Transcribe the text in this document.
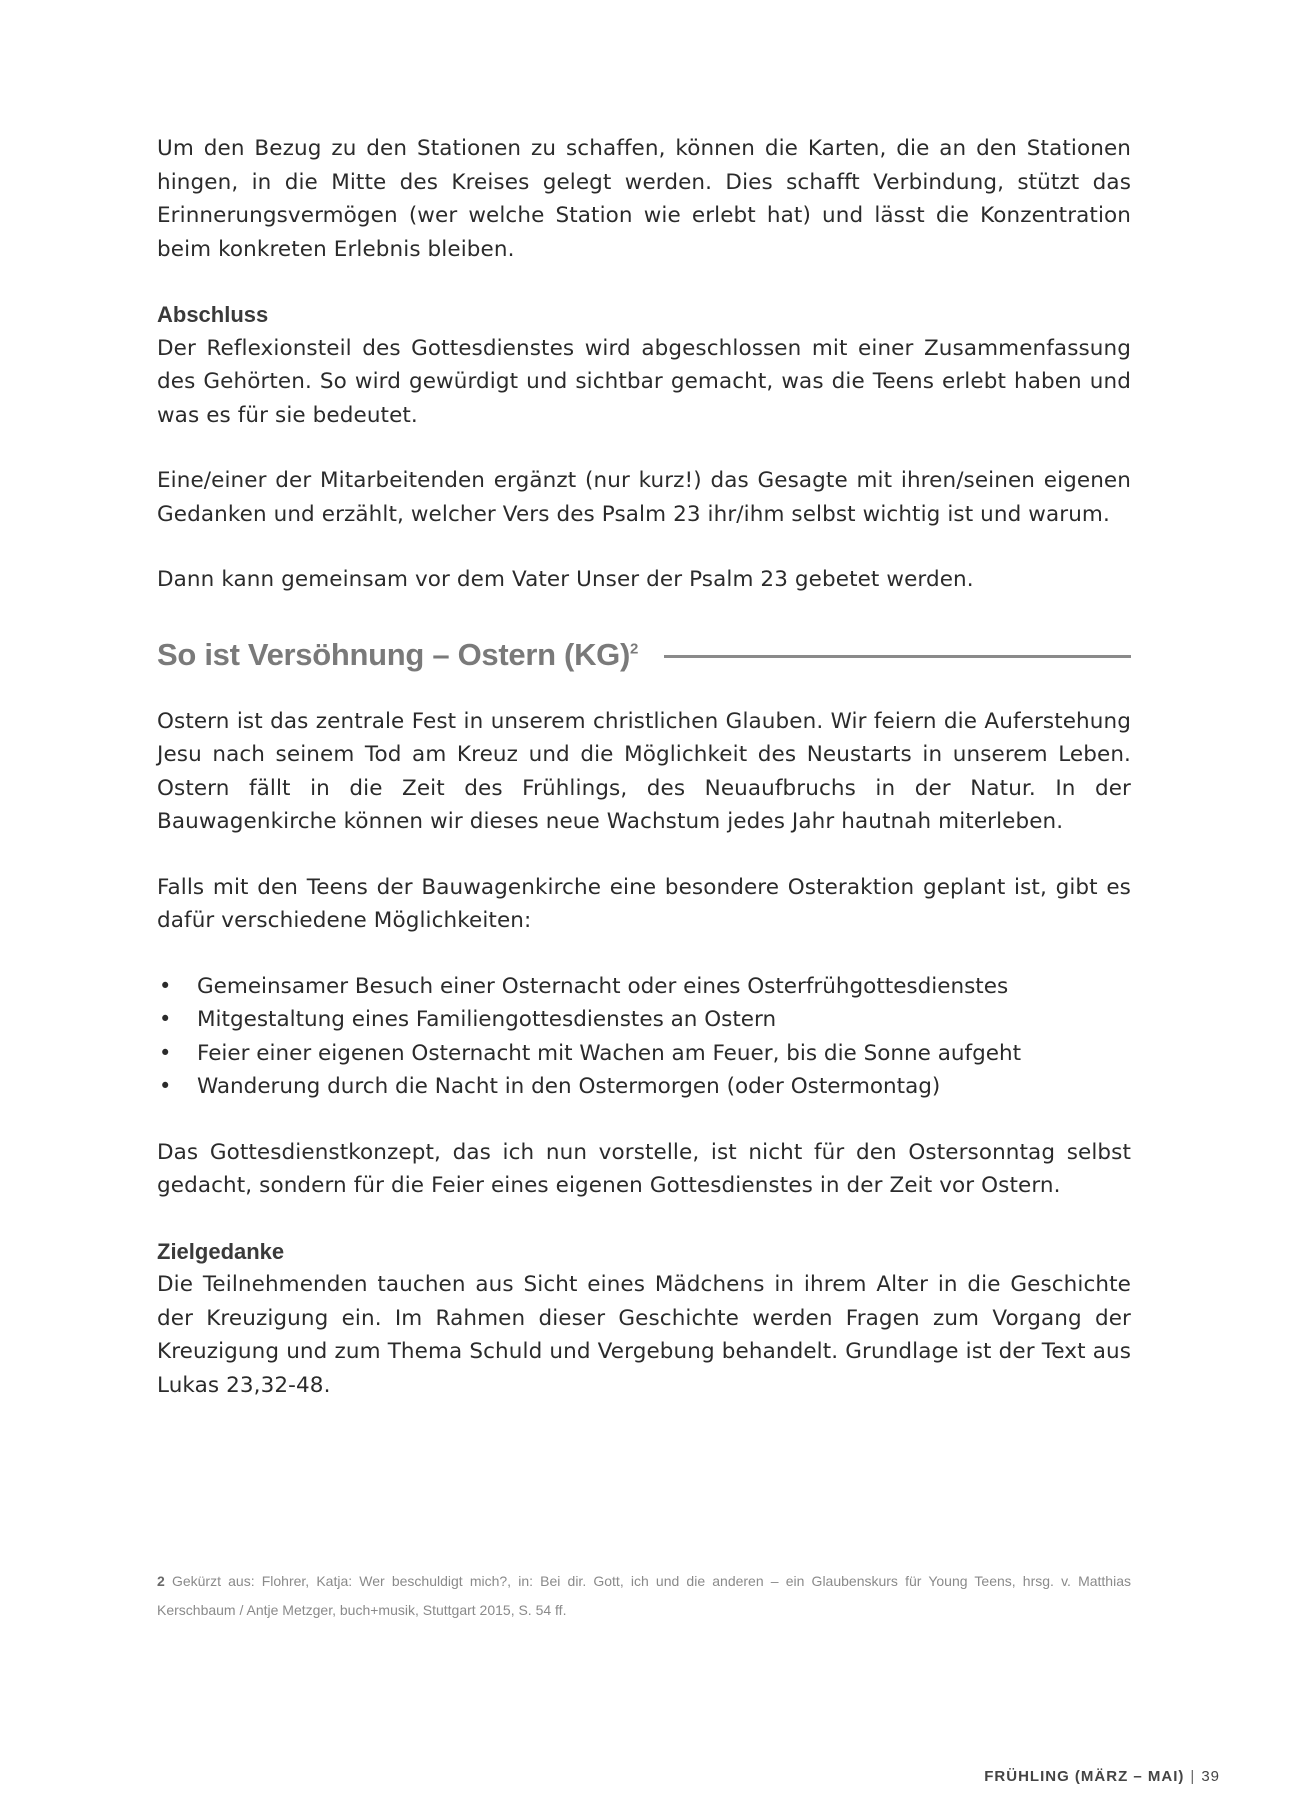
Um den Bezug zu den Stationen zu schaffen, können die Karten, die an den Stationen hingen, in die Mitte des Kreises gelegt werden. Dies schafft Verbindung, stützt das Erinnerungsvermögen (wer welche Station wie erlebt hat) und lässt die Konzentration beim konkreten Erlebnis bleiben.

Abschluss

Der Reflexionsteil des Gottesdienstes wird abgeschlossen mit einer Zusammenfassung des Gehörten. So wird gewürdigt und sichtbar gemacht, was die Teens erlebt haben und was es für sie bedeutet.

Eine/einer der Mitarbeitenden ergänzt (nur kurz!) das Gesagte mit ihren/seinen eigenen Gedanken und erzählt, welcher Vers des Psalm 23 ihr/ihm selbst wichtig ist und warum.

Dann kann gemeinsam vor dem Vater Unser der Psalm 23 gebetet werden.

So ist Versöhnung – Ostern (KG)$^2$

Ostern ist das zentrale Fest in unserem christlichen Glauben. Wir feiern die Auferstehung Jesu nach seinem Tod am Kreuz und die Möglichkeit des Neustarts in unserem Leben. Ostern fällt in die Zeit des Frühlings, des Neuaufbruchs in der Natur. In der Bauwagenkirche können wir dieses neue Wachstum jedes Jahr hautnah miterleben.

Falls mit den Teens der Bauwagenkirche eine besondere Osteraktion geplant ist, gibt es dafür verschiedene Möglichkeiten:

• Gemeinsamer Besuch einer Osternacht oder eines Osterfrühgottesdienstes
• Mitgestaltung eines Familiengottesdienstes an Ostern
• Feier einer eigenen Osternacht mit Wachen am Feuer, bis die Sonne aufgeht
• Wanderung durch die Nacht in den Ostermorgen (oder Ostermontag)

Das Gottesdienstkonzept, das ich nun vorstelle, ist nicht für den Ostersonntag selbst gedacht, sondern für die Feier eines eigenen Gottesdienstes in der Zeit vor Ostern.

Zielgedanke

Die Teilnehmenden tauchen aus Sicht eines Mädchens in ihrem Alter in die Geschichte der Kreuzigung ein. Im Rahmen dieser Geschichte werden Fragen zum Vorgang der Kreuzigung und zum Thema Schuld und Vergebung behandelt. Grundlage ist der Text aus Lukas 23,32-48.

2 Gekürzt aus: Flohrer, Katja: Wer beschuldigt mich?, in: Bei dir. Gott, ich und die anderen – ein Glaubenskurs für Young Teens, hrsg. v. Matthias Kerschbaum / Antje Metzger, buch+musik, Stuttgart 2015, S. 54 ff.
FRÜHLING (MÄRZ – MAI) | 39
